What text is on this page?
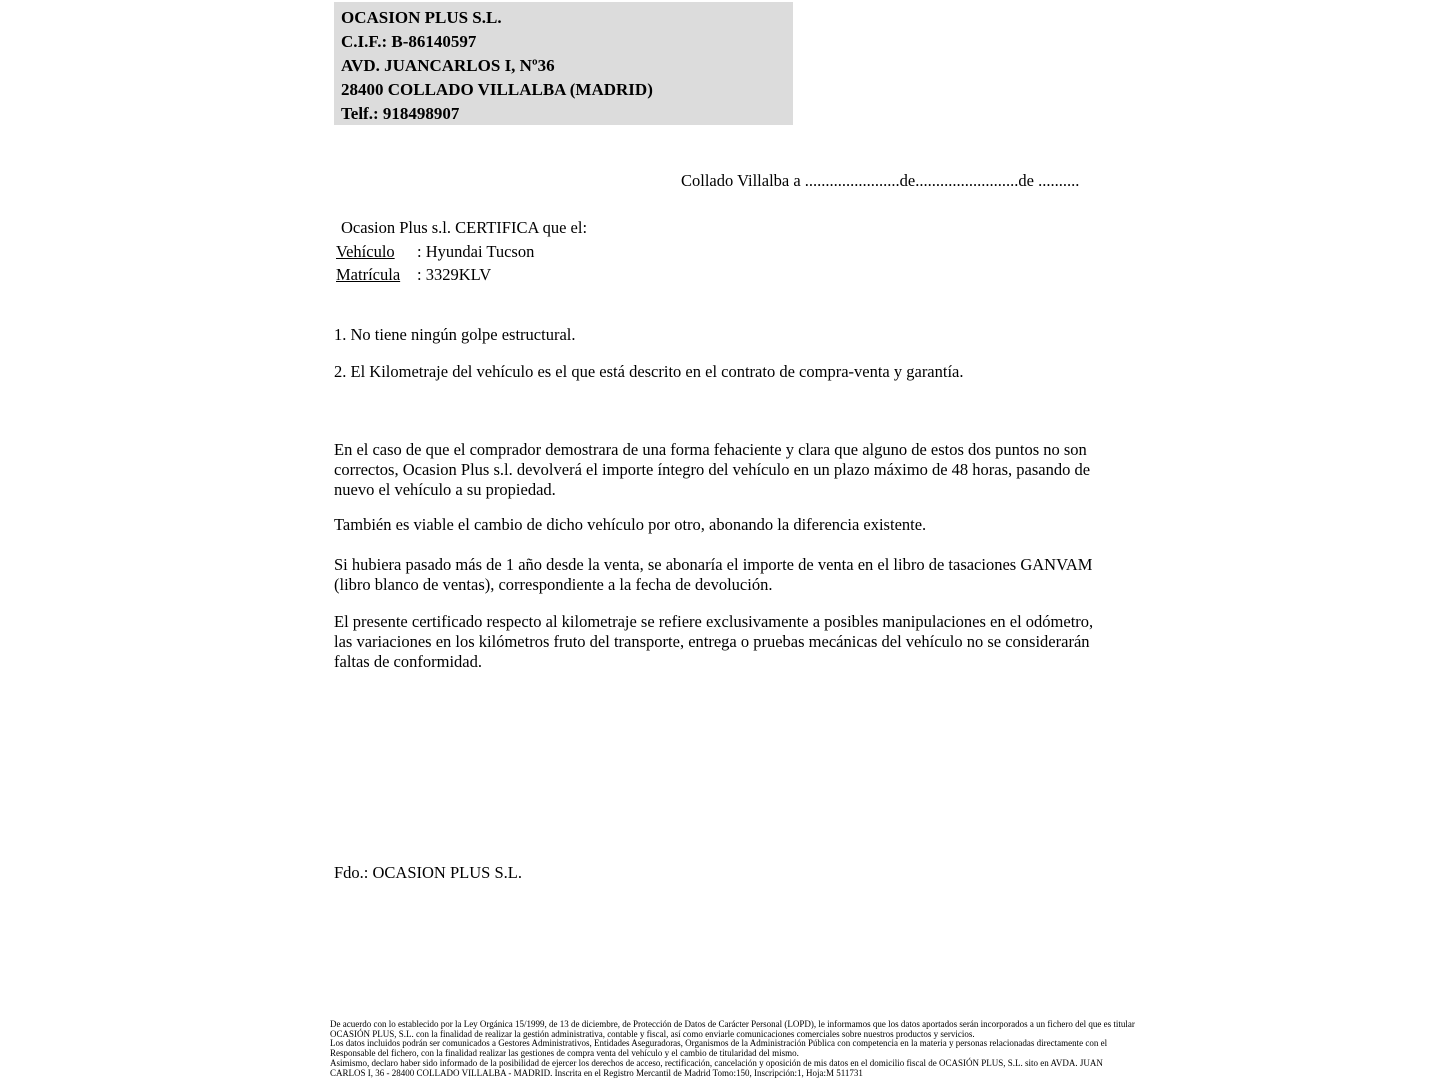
OCASION PLUS S.L.
C.I.F.: B-86140597
AVD. JUANCARLOS I, Nº36
28400 COLLADO VILLALBA (MADRID)
Telf.: 918498907
Collado Villalba a .......................de.........................de ..........
Ocasion Plus s.l. CERTIFICA que el:
Vehículo : Hyundai Tucson
Matrícula : 3329KLV
1. No tiene ningún golpe estructural.
2. El Kilometraje del vehículo es el que está descrito en el contrato de compra-venta y garantía.
En el caso de que el comprador demostrara de una forma fehaciente y clara que alguno de estos dos puntos no son correctos, Ocasion Plus s.l. devolverá el importe íntegro del vehículo en un plazo máximo de 48 horas, pasando de nuevo el vehículo a su propiedad.
También es viable el cambio de dicho vehículo por otro, abonando la diferencia existente.
Si hubiera pasado más de 1 año desde la venta, se abonaría el importe de venta en el libro de tasaciones GANVAM (libro blanco de ventas), correspondiente a la fecha de devolución.
El presente certificado respecto al kilometraje se refiere exclusivamente a posibles manipulaciones en el odómetro, las variaciones en los kilómetros fruto del transporte, entrega o pruebas mecánicas del vehículo no se considerarán faltas de conformidad.
Fdo.: OCASION PLUS S.L.
De acuerdo con lo establecido por la Ley Orgánica 15/1999, de 13 de diciembre, de Protección de Datos de Carácter Personal (LOPD), le informamos que los datos aportados serán incorporados a un fichero del que es titular
OCASIÓN PLUS, S.L. con la finalidad de realizar la gestión administrativa, contable y fiscal, así como enviarle comunicaciones comerciales sobre nuestros productos y servicios.
Los datos incluidos podrán ser comunicados a Gestores Administrativos, Entidades Aseguradoras, Organismos de la Administración Pública con competencia en la materia y personas relacionadas directamente con el
Responsable del fichero, con la finalidad realizar las gestiones de compra venta del vehículo y el cambio de titularidad del mismo.
Asimismo, declaro haber sido informado de la posibilidad de ejercer los derechos de acceso, rectificación, cancelación y oposición de mis datos en el domicilio fiscal de OCASIÓN PLUS, S.L. sito en AVDA. JUAN
CARLOS I, 36 - 28400 COLLADO VILLALBA - MADRID. Inscrita en el Registro Mercantil de Madrid Tomo:150, Inscripción:1, Hoja:M 511731
